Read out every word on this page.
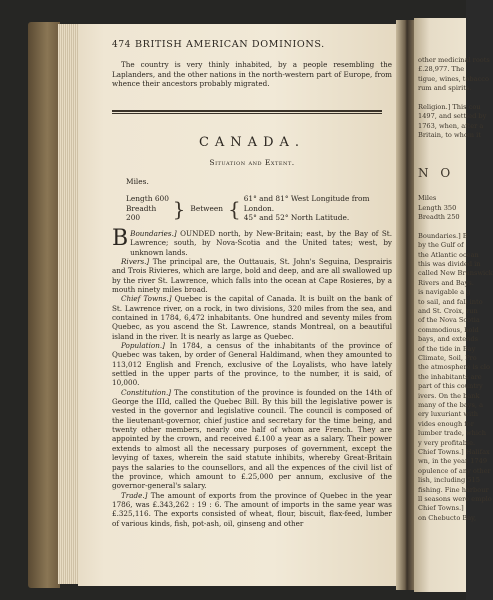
474 BRITISH AMERICAN DOMINIONS.

The country is very thinly inhabited, by a people resembling the Laplanders, and the other nations in the north-western part of Europe, from whence their ancestors probably migrated.

CANADA.
Situation and Extent.
Miles.
Length 600
Breadth 200	} Between { 61° and 81° West Longitude from London.
45° and 52° North Latitude.

Boundaries.]
B	OUNDED north, by New-Britain; east, by the Bay of St. Lawrence; south, by Nova-Scotia and the United tates; west, by unknown lands.

Rivers.] The principal are, the Outtauais, St. John's Seguina, Desprairis and Trois Rivieres, which are large, bold and deep, and are all swallowed up by the river St. Lawrence, which falls into the ocean at Cape Rosieres, by a mouth ninety miles broad.

Chief Towns.] Quebec is the capital of Canada. It is built on the bank of St. Lawrence river, on a rock, in two divisions, 320 miles from the sea, and contained in 1784, 6,472 inhabitants. One hundred and seventy miles from Quebec, as you ascend the St. Lawrence, stands Montreal, on a beautiful island in the river. It is nearly as large as Quebec.

Population.] In 1784, a census of the inhabitants of the province of Quebec was taken, by order of General Haldimand, when they amounted to 113,012 English and French, exclusive of the Loyalists, who have lately settled in the upper parts of the province, to the number, it is said, of 10,000.

Constitution.] The constitution of the province is founded on the 14th of George the IIId, called the Quebec Bill. By this bill the legislative power is vested in the governor and legislative council. The council is composed of the lieutenant-governor, chief justice and secretary for the time being, and twenty other members, nearly one half of whom are French. They are appointed by the crown, and received £.100 a year as a salary. Their power extends to almost all the necessary purposes of government, except the levying of taxes, wherein the said statute inhibits, whereby Great-Britain pays the salaries to the counsellors, and all the expences of the civil list of the province, which amount to £.25,000 per annum, exclusive of the governor-general's salary.

Trade.] The amount of exports from the province of Quebec in the year 1786, was £.343,262 : 19 : 6. The amount of imports in the same year was £.325,116. The exports consisted of wheat, flour, biscuit, flax-feed, lumber of various kinds, fish, pot-ash, oil, ginseng and other

other medicinal roots
£.28,977. The
tigue, wines, tobacco
rum and spirits.
Religion.] This cou
1497, and settled by
1763, when, after a
Britain, to whom it
N O
Miles
Length 350
Breadth 250
Boundaries.] B
by the Gulf of
the Atlantic ocean
this was divided in
called New Brunswick
Rivers and Bays.
is navigable a g
to sail, and fall into
and St. Croix, run
of the Nova Scotia
commodious, bold
bays, and extends
of the tide in Bay
Climate, Soil, Pro
the atmosphere is clo
the inhabitants are
part of this country
ivers. On the bank
many of the bays, a
ery luxuriant with
vides enough for
lumber trade, which
y very profitable.
Chief Towns.] Halifax
wn, in the year 1749
opulence of any other
lish, including 515
fishing. Fine harbour
ll seasons were emplo
Chief Towns.]
on Chebucto Bay,
